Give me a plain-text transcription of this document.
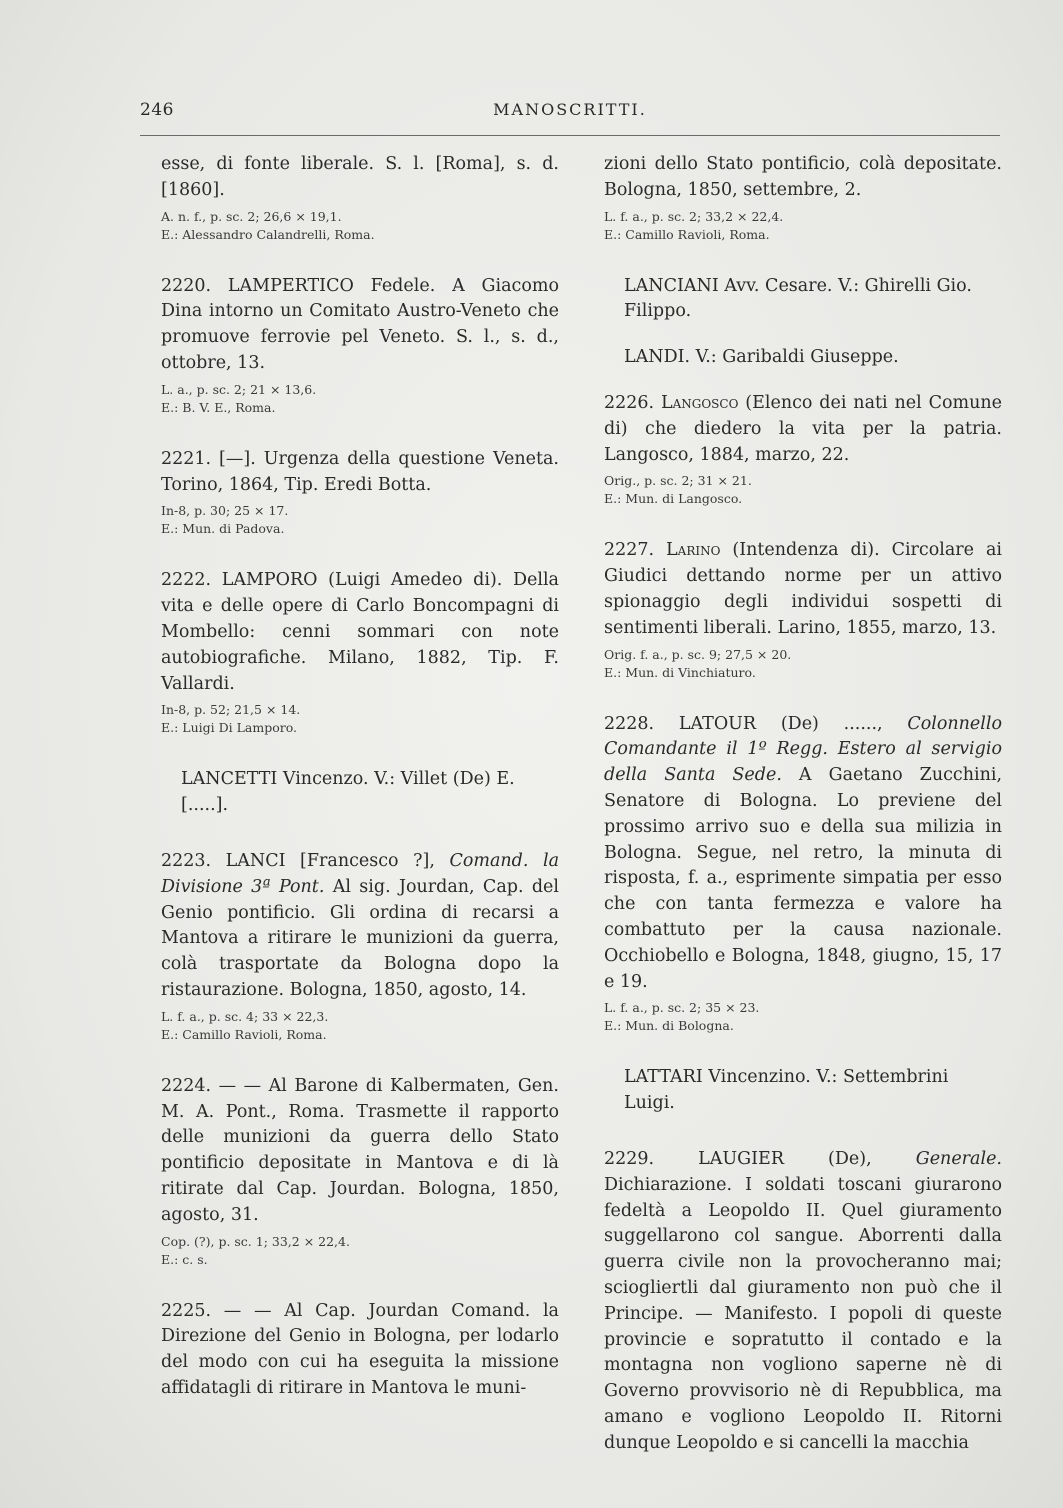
246	MANOSCRITTI.

esse, di fonte liberale. S. l. [Roma], s. d. [1860].

A. n. f., p. sc. 2; 26,6 × 19,1.
E.: Alessandro Calandrelli, Roma.

2220. LAMPERTICO Fedele. A Giacomo Dina intorno un Comitato Austro-Veneto che promuove ferrovie pel Veneto. S. l., s. d., ottobre, 13.

L. a., p. sc. 2; 21 × 13,6.
E.: B. V. E., Roma.

2221. [—]. Urgenza della questione Veneta. Torino, 1864, Tip. Eredi Botta.

In-8, p. 30; 25 × 17.
E.: Mun. di Padova.

2222. LAMPORO (Luigi Amedeo di). Della vita e delle opere di Carlo Boncompagni di Mombello: cenni sommari con note autobiografiche. Milano, 1882, Tip. F. Vallardi.

In-8, p. 52; 21,5 × 14.
E.: Luigi Di Lamporo.

LANCETTI Vincenzo. V.: Villet (De) E. [.....].

2223. LANCI [Francesco ?], Comand. la Divisione 3ª Pont. Al sig. Jourdan, Cap. del Genio pontificio. Gli ordina di recarsi a Mantova a ritirare le munizioni da guerra, colà trasportate da Bologna dopo la ristaurazione. Bologna, 1850, agosto, 14.

L. f. a., p. sc. 4; 33 × 22,3.
E.: Camillo Ravioli, Roma.

2224. — — Al Barone di Kalbermaten, Gen. M. A. Pont., Roma. Trasmette il rapporto delle munizioni da guerra dello Stato pontificio depositate in Mantova e di là ritirate dal Cap. Jourdan. Bologna, 1850, agosto, 31.

Cop. (?), p. sc. 1; 33,2 × 22,4.
E.: c. s.

2225. — — Al Cap. Jourdan Comand. la Direzione del Genio in Bologna, per lodarlo del modo con cui ha eseguita la missione affidatagli di ritirare in Mantova le muni-

zioni dello Stato pontificio, colà depositate. Bologna, 1850, settembre, 2.

L. f. a., p. sc. 2; 33,2 × 22,4.
E.: Camillo Ravioli, Roma.

LANCIANI Avv. Cesare. V.: Ghirelli Gio. Filippo.

LANDI. V.: Garibaldi Giuseppe.

2226. Langosco (Elenco dei nati nel Comune di) che diedero la vita per la patria. Langosco, 1884, marzo, 22.

Orig., p. sc. 2; 31 × 21.
E.: Mun. di Langosco.

2227. Larino (Intendenza di). Circolare ai Giudici dettando norme per un attivo spionaggio degli individui sospetti di sentimenti liberali. Larino, 1855, marzo, 13.

Orig. f. a., p. sc. 9; 27,5 × 20.
E.: Mun. di Vinchiaturo.

2228. LATOUR (De) ......, Colonnello Comandante il 1º Regg. Estero al servigio della Santa Sede. A Gaetano Zucchini, Senatore di Bologna. Lo previene del prossimo arrivo suo e della sua milizia in Bologna. Segue, nel retro, la minuta di risposta, f. a., esprimente simpatia per esso che con tanta fermezza e valore ha combattuto per la causa nazionale. Occhiobello e Bologna, 1848, giugno, 15, 17 e 19.

L. f. a., p. sc. 2; 35 × 23.
E.: Mun. di Bologna.

LATTARI Vincenzino. V.: Settembrini Luigi.

2229. LAUGIER (De), Generale. Dichiarazione. I soldati toscani giurarono fedeltà a Leopoldo II. Quel giuramento suggellarono col sangue. Aborrenti dalla guerra civile non la provocheranno mai; sciogliertli dal giuramento non può che il Principe. — Manifesto. I popoli di queste provincie e sopratutto il contado e la montagna non vogliono saperne nè di Governo provvisorio nè di Repubblica, ma amano e vogliono Leopoldo II. Ritorni dunque Leopoldo e si cancelli la macchia
